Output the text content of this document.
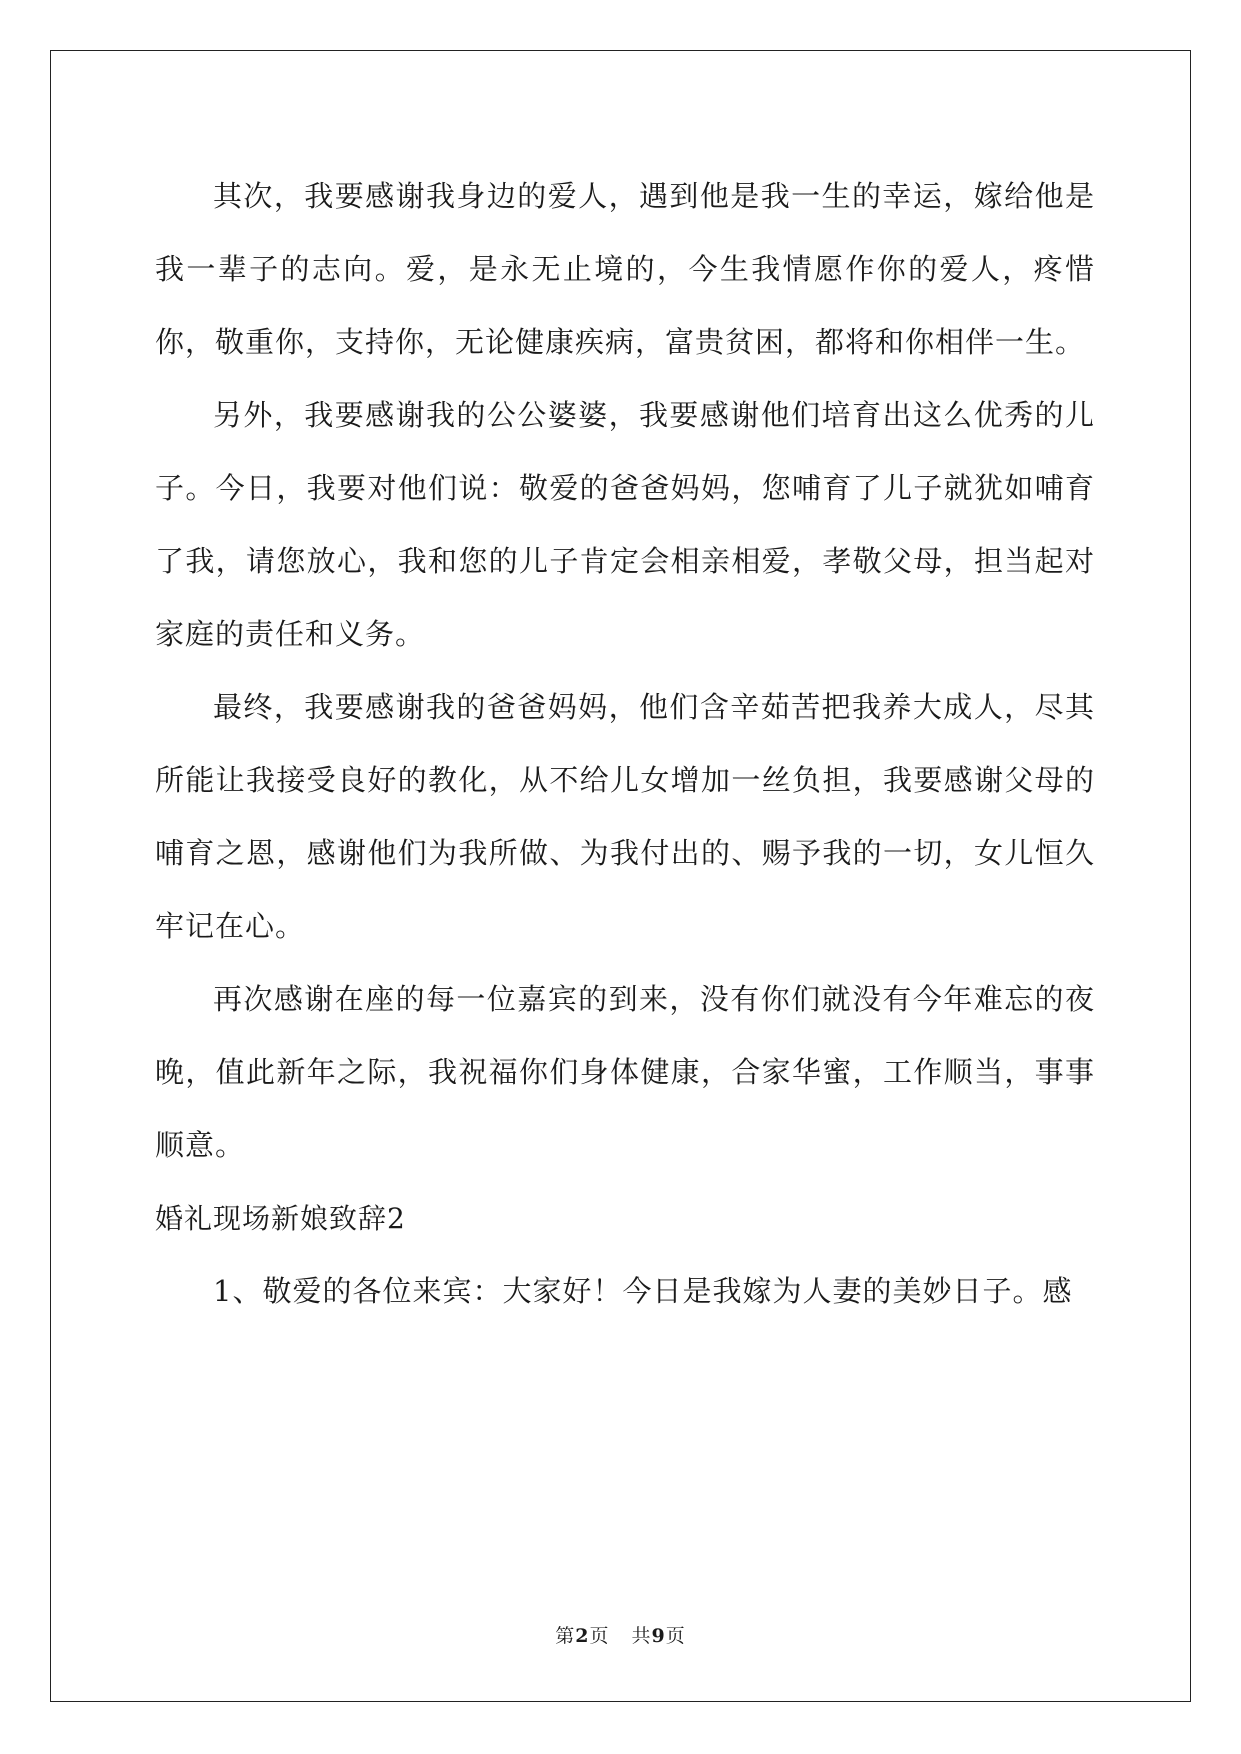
其次，我要感谢我身边的爱人，遇到他是我一生的幸运，嫁给他是我一辈子的志向。爱，是永无止境的，今生我情愿作你的爱人，疼惜你，敬重你，支持你，无论健康疾病，富贵贫困，都将和你相伴一生。

另外，我要感谢我的公公婆婆，我要感谢他们培育出这么优秀的儿子。今日，我要对他们说：敬爱的爸爸妈妈，您哺育了儿子就犹如哺育了我，请您放心，我和您的儿子肯定会相亲相爱，孝敬父母，担当起对家庭的责任和义务。

最终，我要感谢我的爸爸妈妈，他们含辛茹苦把我养大成人，尽其所能让我接受良好的教化，从不给儿女增加一丝负担，我要感谢父母的哺育之恩，感谢他们为我所做、为我付出的、赐予我的一切，女儿恒久牢记在心。

再次感谢在座的每一位嘉宾的到来，没有你们就没有今年难忘的夜晚，值此新年之际，我祝福你们身体健康，合家华蜜，工作顺当，事事顺意。

婚礼现场新娘致辞2

1、敬爱的各位来宾：大家好！今日是我嫁为人妻的美妙日子。感

第2页 共9页
